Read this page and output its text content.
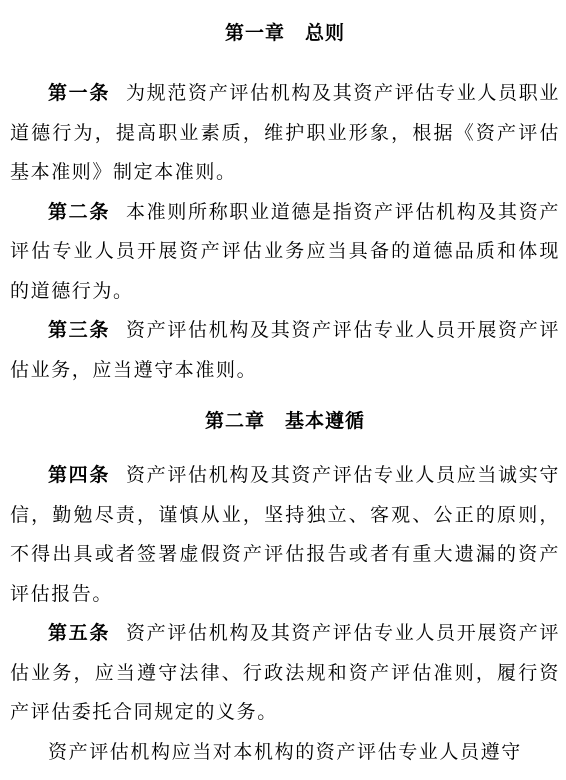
第一章　总则

第一条 为规范资产评估机构及其资产评估专业人员职业道德行为，提高职业素质，维护职业形象，根据《资产评估基本准则》制定本准则。

第二条 本准则所称职业道德是指资产评估机构及其资产评估专业人员开展资产评估业务应当具备的道德品质和体现的道德行为。

第三条 资产评估机构及其资产评估专业人员开展资产评估业务，应当遵守本准则。

第二章　基本遵循

第四条 资产评估机构及其资产评估专业人员应当诚实守信，勤勉尽责，谨慎从业，坚持独立、客观、公正的原则，不得出具或者签署虚假资产评估报告或者有重大遗漏的资产评估报告。

第五条 资产评估机构及其资产评估专业人员开展资产评估业务，应当遵守法律、行政法规和资产评估准则，履行资产评估委托合同规定的义务。

资产评估机构应当对本机构的资产评估专业人员遵守
